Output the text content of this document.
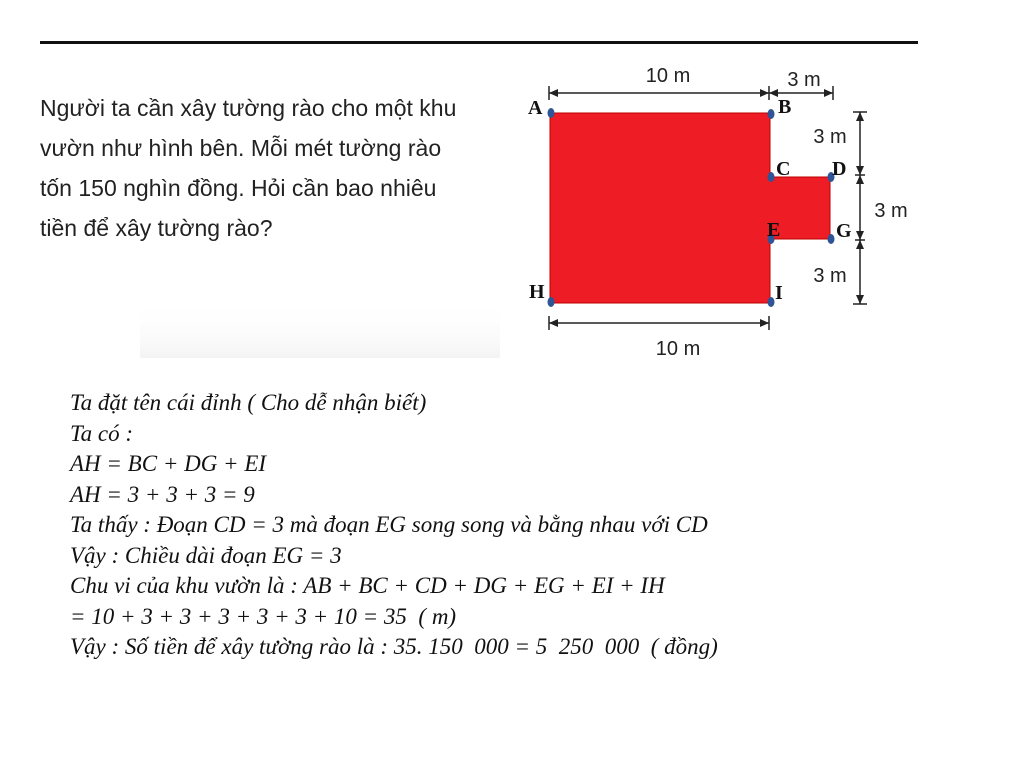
Người ta cần xây tường rào cho một khu
vườn như hình bên. Mỗi mét tường rào
tốn 150 nghìn đồng. Hỏi cần bao nhiêu
tiền để xây tường rào?
10 m	3 m
3 m
3 m
3 m
10 m
A	B
C D
E	G
H	I
Ta đặt tên cái đỉnh ( Cho dễ nhận biết)
Ta có :
AH = BC + DG + EI
AH = 3 + 3 + 3 = 9
Ta thấy : Đoạn CD = 3 mà đoạn EG song song và bằng nhau với CD
Vậy : Chiều dài đoạn EG = 3
Chu vi của khu vườn là : AB + BC + CD + DG + EG + EI + IH
= 10 + 3 + 3 + 3 + 3 + 3 + 10 = 35  ( m)
Vậy : Số tiền để xây tường rào là : 35. 150  000 = 5  250  000  ( đồng)
